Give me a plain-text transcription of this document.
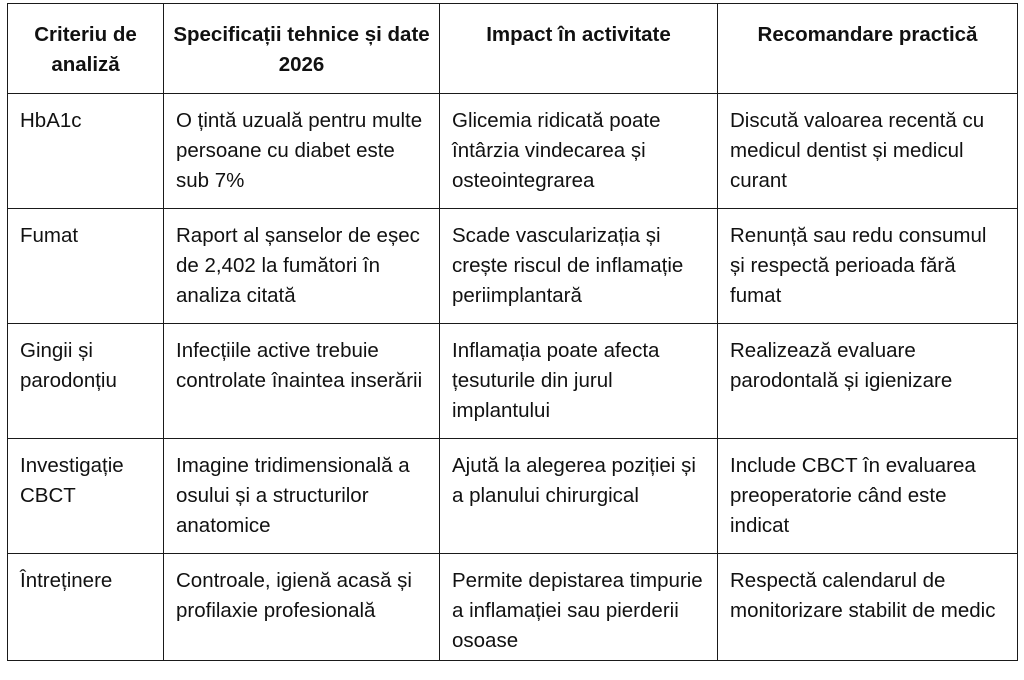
Criteriu de analiză	Specificații tehnice și date 2026	Impact în activitate	Recomandare practică
HbA1c	O țintă uzuală pentru multe persoane cu diabet este sub 7%	Glicemia ridicată poate întârzia vindecarea și osteointegrarea	Discută valoarea recentă cu medicul dentist și medicul curant
Fumat	Raport al șanselor de eșec de 2,402 la fumători în analiza citată	Scade vascularizația și crește riscul de inflamație periimplantară	Renunță sau redu consumul și respectă perioada fără fumat
Gingii și parodonțiu	Infecțiile active trebuie controlate înaintea inserării	Inflamația poate afecta țesuturile din jurul implantului	Realizează evaluare parodontală și igienizare
Investigație CBCT	Imagine tridimensională a osului și a structurilor anatomice	Ajută la alegerea poziției și a planului chirurgical	Include CBCT în evaluarea preoperatorie când este indicat
Întreținere	Controale, igienă acasă și profilaxie profesională	Permite depistarea timpurie a inflamației sau pierderii osoase	Respectă calendarul de monitorizare stabilit de medic
